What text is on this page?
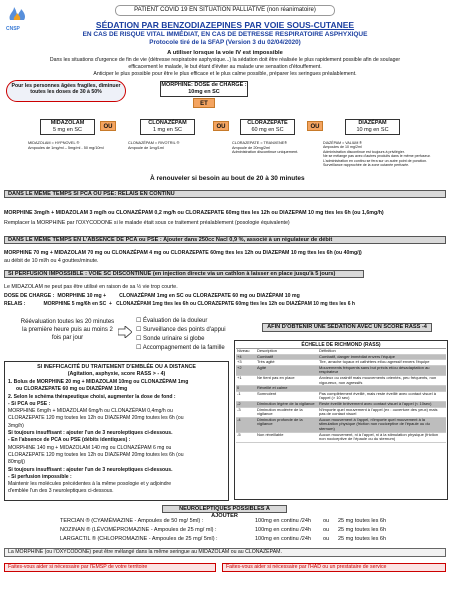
CNSP
PATIENT COVID 19 EN SITUATION PALLIATIVE (non réanimatoire)
SÉDATION PAR BENZODIAZEPINES PAR VOIE SOUS-CUTANEE
EN CAS DE RISQUE VITAL IMMÉDIAT, EN CAS DE DETRESSE RESPIRATOIRE ASPHYXIQUE
Protocole tiré de la SFAP (Version 3 du 02/04/2020)
A utiliser lorsque la voie IV est impossible
Dans les situations d'urgence de fin de vie (détresse respiratoire asphyxique...) la sédation doit être réalisée le plus rapidement possible afin de soulager
efficacement le malade, le but étant d'éviter au malade une sensation d'étouffement.
Anticiper le plus possible pour être le plus efficace et le plus calme possible, préparer les seringues préalablement.
Pour les personnes âgées fragiles, diminuer toutes les doses de 30 à 50%
MORPHINE: DOSE de CHARGE :
10mg en SC
ET
MIDAZOLAM
5 mg en SC	OU
CLONAZÉPAM
1 mg en SC	OU
CLORAZEPATE
60 mg en SC	OU
DIAZÉPAM
10 mg en SC
MIDAZOLAM = HYPNOVEL ®
Ampoules de 1mg/ml – 5mg/ml - 50 mg/10ml
CLONAZÉPAM = RIVOTRIL ®
Ampoule de 1mg/1ml
CLORAZEPATE = TRANXENE®
Ampoule de 20mg/2ml
Administration discontinue uniquement.
DIAZÉPAM = VALIUM ®
Ampoules de 10 mg/2ml
Administration discontinue est toujours à privilégier.
Ne se mélange pas avec d'autres produits dans le même perfuseur.
L'administration en continu se fera sur un autre point de ponction.
Surveillance rapprochée de la zone cutanée perfusée.
À renouveler si besoin au bout de 20 à 30 minutes
DANS LE MÊME TEMPS SI PCA OU PSE: RELAIS EN CONTINU
MORPHINE 3mg/h + MIDAZOLAM 3 mg/h ou CLONAZÉPAM 0,2 mg/h ou CLORAZEPATE 60mg ttes les 12h ou DIAZEPAM 10 mg ttes les 6h (ou 1,6mg/h)
Remplacer la MORPHINE par l'OXYCODONE si le malade était sous ce traitement préalablement (posologie équivalente)
DANS LE MÊME TEMPS EN L'ABSENCE DE PCA ou PSE : Ajouter dans 250cc Nacl 0,9 %, associé à un régulateur de débit
MORPHINE 70 mg + MIDAZOLAM 70 mg ou CLONAZÉPAM 4 mg ou CLORAZEPATE 60mg ttes les 12h ou DIAZEPAM 10 mg ttes les 6h (ou 40mg/j)
au débit de 10 ml/h ou 4 gouttes/minute.
SI PERFUSION IMPOSSIBLE : VOIE SC DISCONTINUE (en injection directe via un cathlon à laisser en place jusqu'à 5 jours)
Le MIDAZOLAM ne peut pas être utilisé en raison de sa ½ vie trop courte.
DOSE DE CHARGE :  MORPHINE 10 mg +         CLONAZÉPAM 1mg en SC ou CLORAZEPATE 60 mg ou DIAZÉPAM 10 mg
RELAIS :             MORPHINE 5 mg/6h en SC  +   CLONAZÉPAM 1mg ttes les 6h ou CLORAZEPATE 60mg ttes les 12h ou DIAZÉPAM 10 mg ttes les 6 h
Réévaluation toutes les 20 minutes la première heure puis au moins 2 fois par jour
☐ Évaluation de la douleur
☐ Surveillance des points d'appui
☐ Sonde urinaire si globe
☐ Accompagnement de la famille
SI INEFFICACITÉ DU TRAITEMENT D'EMBLÉE OU A DISTANCE
(Agitation, asphyxie, score RASS > - 4)
1. Bolus de MORPHINE 20 mg + MIDAZOLAM 10mg ou CLONAZÉPAM 1mg
ou CLORAZEPATE 60 mg ou DIAZÉPAM 10mg
2. Selon le schéma thérapeutique choisi, augmenter la dose de fond :
- Si PCA ou PSE :
MORPHINE 6mg/h + MIDAZOLAM 6mg/h ou CLONAZÉPAM 0,4mg/h ou
CLORAZEPATE 120 mg toutes les 12h ou DIAZEPAM 20mg toutes les 6h (ou
3mg/h)
Si toujours insuffisant : ajouter l'un de 3 neuroleptiques ci-dessous.
- En l'absence de PCA ou PSE (débits identiques) :
MORPHINE 140 mg + MIDAZOLAM 140 mg ou CLONAZÉPAM 6 mg ou
CLORAZEPATE 120 mg toutes les 12h ou DIAZEPAM 20mg toutes les 6h (ou
80mg/j)
Si toujours insuffisant : ajouter l'un de 3 neuroleptiques ci-dessous.
- Si perfusion impossible :
Maintenir les molécules précédentes à la même posologie et y adjoindre
d'emblée l'un des 3 neuroleptiques ci-dessous.
AFIN D'OBTENIR UNE SÉDATION AVEC UN SCORE RASS -4
ÉCHELLE DE RICHMOND (RASS)
Niveau	Description	Définition
+4	Combatif	Combatif, danger immédiat envers l'équipe
+3	Très agité	Tire, arrache tuyaux et cathéters et/ou agressif envers l'équipe
+2	Agité	Mouvements fréquents sans but précis et/ou désadaptation au respirateur
+1	Ne tient pas en place	Anxieux ou craintif mais mouvements orientés, peu fréquents, non vigoureux, non agressifs
0	Réveillé et calme	
-1	Somnolent	Pas complètement éveillé, mais reste éveillé avec contact visuel à l'appel (> 10 sec)
-2	Diminution légère de la vigilance	Reste éveillé brièvement avec contact visuel à l'appel (< 10sec)
-3	Diminution modérée de la vigilance	N'importe quel mouvement à l'appel (ex : ouverture des yeux) mais pas de contact visuel
-4	Diminution profonde de la vigilance	Aucun mouvement à l'appel, n'importe quel mouvement à la stimulation physique (friction non nociceptive de l'épaule ou du sternum)
-5	Non réveillable	Aucun mouvement, ni à l'appel, ni à la stimulation physique (friction non nociceptive de l'épaule ou du sternum)
NEUROLEPTIQUES POSSIBLES A AJOUTER
TERCIAN ® (CYAMÉMAZINE - Ampoules de 50 mg/ 5ml) :	100mg en continu /24h ou 25 mg toutes les 6h
NOZINAN ® (LÉVOMÉPROMAZINE - Ampoules de 25 mg/ ml) :	100mg en continu /24h ou 25 mg toutes les 6h
LARGACTIL ® (CHLOPROMAZINE - Ampoules de 25 mg/ 5ml) :	100mg en continu /24h ou 25 mg toutes les 6h
La MORPHINE (ou l'OXYCODONE) peut être mélangé dans la même seringue au MIDAZOLAM ou au CLONAZÉPAM.
Faites-vous aider si nécessaire par l'EMSP de votre territoire	Faites-vous aider si nécessaire par l'HAD ou un prestataire de service
